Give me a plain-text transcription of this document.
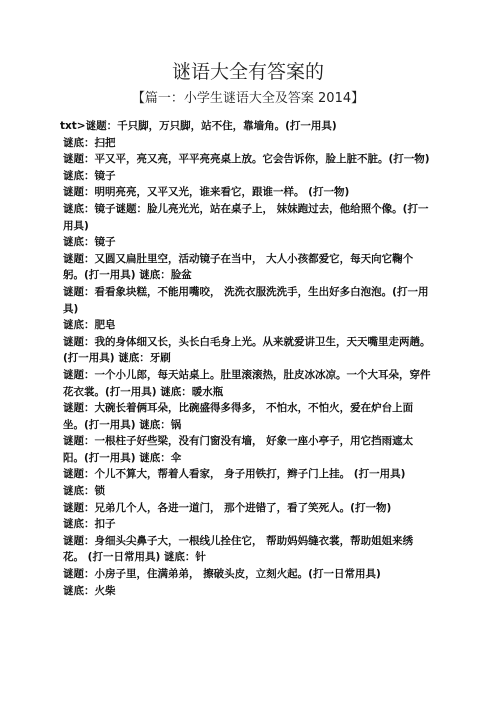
谜语大全有答案的
【篇一：小学生谜语大全及答案 2014】

txt>谜题：千只脚，万只脚，站不住，靠墙角。(打一用具)

谜底：扫把

谜题：平又平，亮又亮，平平亮亮桌上放。它会告诉你，脸上脏不脏。(打一物)

谜底：镜子

谜题：明明亮亮，又平又光，谁来看它，跟谁一样。 (打一物)

谜底：镜子谜题：脸儿亮光光，站在桌子上， 妹妹跑过去，他给照个像。(打一用具)

谜底：镜子

谜题：又圆又扁肚里空，活动镜子在当中， 大人小孩都爱它，每天向它鞠个躬。(打一用具) 谜底：脸盆

谜题：看看象块糕，不能用嘴咬， 洗洗衣服洗洗手，生出好多白泡泡。(打一用具)

谜底：肥皂

谜题：我的身体细又长，头长白毛身上光。从来就爱讲卫生，天天嘴里走两趟。(打一用具) 谜底：牙刷

谜题：一个小儿郎，每天站桌上。肚里滚滚热，肚皮冰冰凉。一个大耳朵，穿件花衣裳。(打一用具) 谜底：暖水瓶

谜题：大碗长着俩耳朵，比碗盛得多得多， 不怕水，不怕火，爱在炉台上面坐。(打一用具) 谜底：锅

谜题：一根柱子好些梁，没有门窗没有墙， 好象一座小亭子，用它挡雨遮太阳。(打一用具) 谜底：伞

谜题：个儿不算大，帮着人看家， 身子用铁打，辫子门上挂。 (打一用具)

谜底：锁

谜题：兄弟几个人，各进一道门， 那个进错了，看了笑死人。(打一物)

谜底：扣子

谜题：身细头尖鼻子大，一根线儿拴住它， 帮助妈妈缝衣裳，帮助姐姐来绣花。 (打一日常用具) 谜底：针

谜题：小房子里，住满弟弟， 擦破头皮，立刻火起。(打一日常用具)

谜底：火柴
